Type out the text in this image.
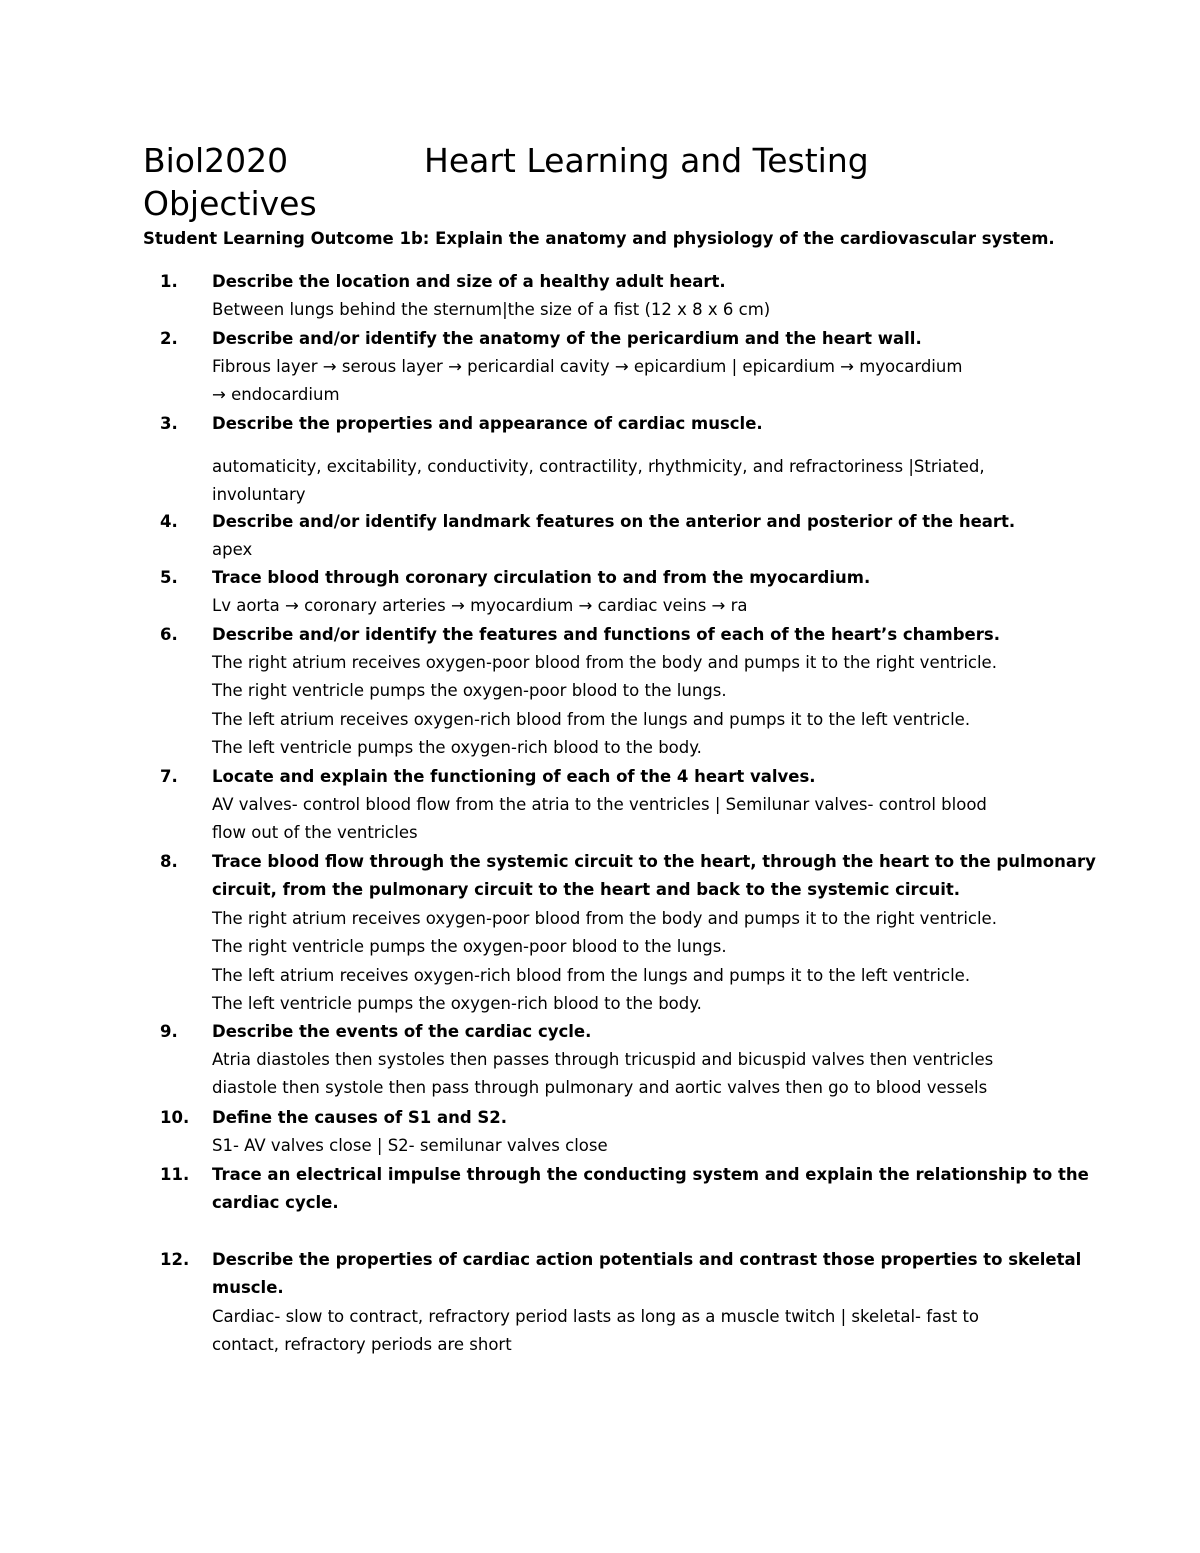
Biol2020	Heart Learning and Testing
Objectives

Student Learning Outcome 1b: Explain the anatomy and physiology of the cardiovascular system.

1.	Describe the location and size of a healthy adult heart.

Between lungs behind the sternum|the size of a fist (12 x 8 x 6 cm)

2.	Describe and/or identify the anatomy of the pericardium and the heart wall.

Fibrous layer → serous layer → pericardial cavity → epicardium | epicardium → myocardium
→ endocardium

3.	Describe the properties and appearance of cardiac muscle.

automaticity, excitability, conductivity, contractility, rhythmicity, and refractoriness |Striated,
involuntary

4.	Describe and/or identify landmark features on the anterior and posterior of the heart.

apex

5.	Trace blood through coronary circulation to and from the myocardium.

Lv aorta → coronary arteries → myocardium → cardiac veins → ra

6.	Describe and/or identify the features and functions of each of the heart’s chambers.

The right atrium receives oxygen-poor blood from the body and pumps it to the right ventricle.
The right ventricle pumps the oxygen-poor blood to the lungs.
The left atrium receives oxygen-rich blood from the lungs and pumps it to the left ventricle.
The left ventricle pumps the oxygen-rich blood to the body.

7.	Locate and explain the functioning of each of the 4 heart valves.

AV valves- control blood flow from the atria to the ventricles | Semilunar valves- control blood
flow out of the ventricles

8.	Trace blood flow through the systemic circuit to the heart, through the heart to the pulmonary
circuit, from the pulmonary circuit to the heart and back to the systemic circuit.

The right atrium receives oxygen-poor blood from the body and pumps it to the right ventricle.
The right ventricle pumps the oxygen-poor blood to the lungs.
The left atrium receives oxygen-rich blood from the lungs and pumps it to the left ventricle.
The left ventricle pumps the oxygen-rich blood to the body.

9.	Describe the events of the cardiac cycle.

Atria diastoles then systoles then passes through tricuspid and bicuspid valves then ventricles
diastole then systole then pass through pulmonary and aortic valves then go to blood vessels

10.	Define the causes of S1 and S2.

S1- AV valves close | S2- semilunar valves close

11.	Trace an electrical impulse through the conducting system and explain the relationship to the
cardiac cycle.

12.	Describe the properties of cardiac action potentials and contrast those properties to skeletal
muscle.

Cardiac- slow to contract, refractory period lasts as long as a muscle twitch | skeletal- fast to
contact, refractory periods are short
